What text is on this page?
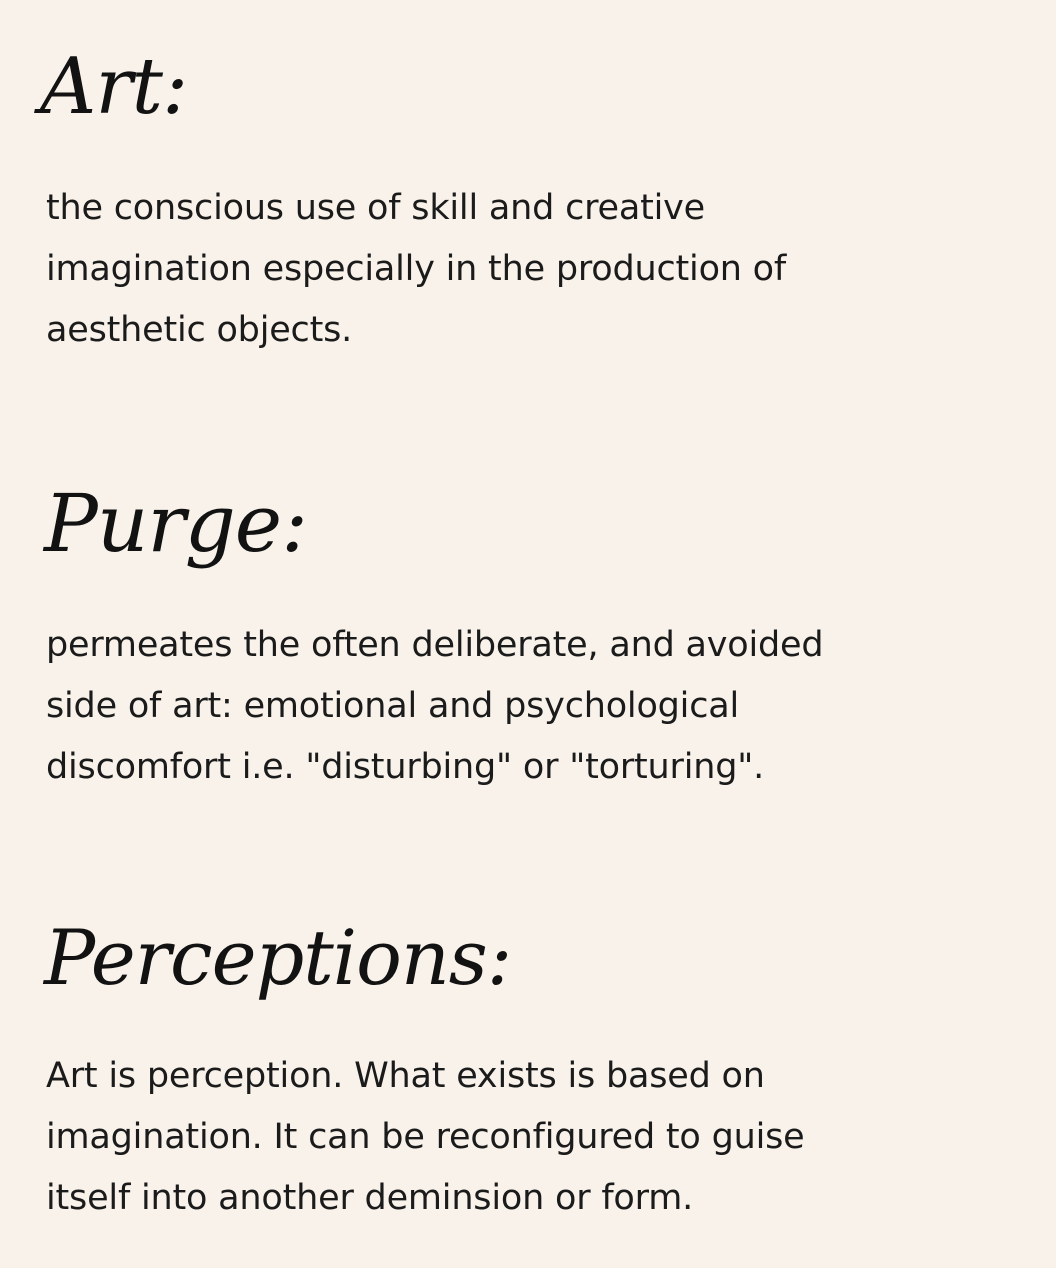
Art:

the conscious use of skill and creative
imagination especially in the production of
aesthetic objects.

Purge:

permeates the often deliberate, and avoided
side of art: emotional and psychological
discomfort i.e. "disturbing" or "torturing".

Perceptions:

Art is perception. What exists is based on
imagination. It can be reconfigured to guise
itself into another deminsion or form.
